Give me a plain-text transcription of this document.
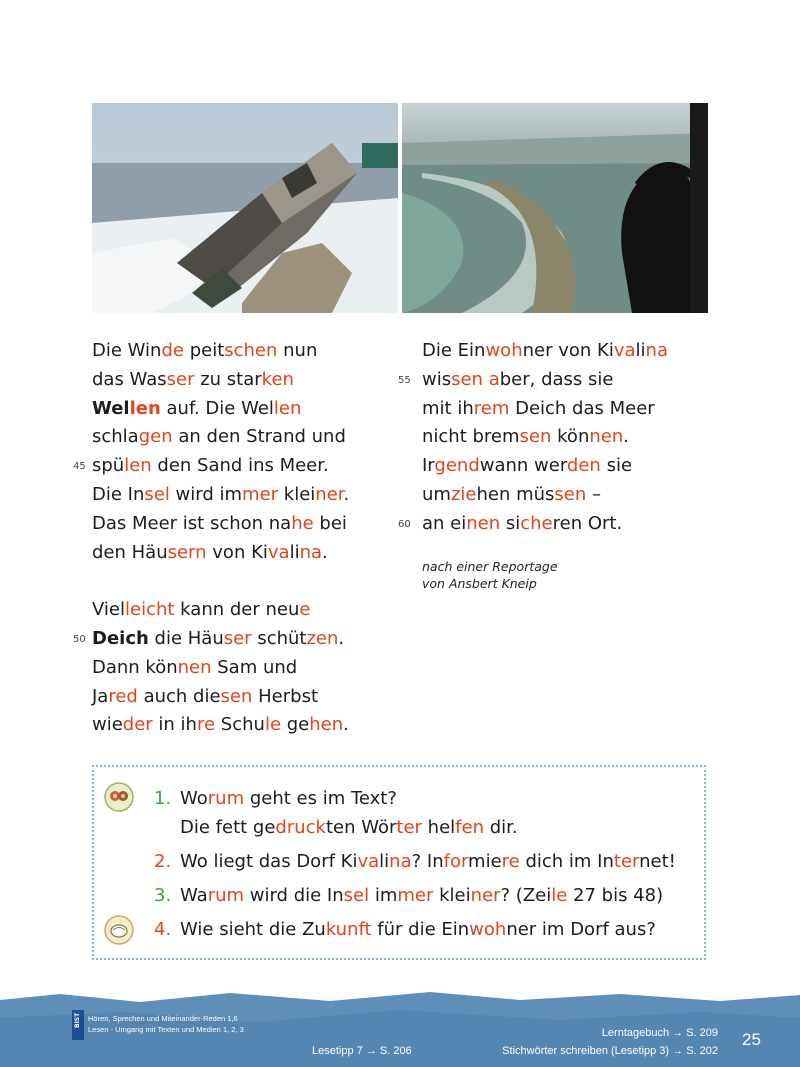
Die Winde peitschen nun
das Wasser zu starken
Wellen auf. Die Wellen
schlagen an den Strand und
spülen den Sand ins Meer.
Die Insel wird immer kleiner.
Das Meer ist schon nahe bei
den Häusern von Kivalina.
Vielleicht kann der neue
Deich die Häuser schützen.
Dann können Sam und
Jared auch diesen Herbst
wieder in ihre Schule gehen.
Die Einwohner von Kivalina
wissen aber, dass sie
mit ihrem Deich das Meer
nicht bremsen können.
Irgendwann werden sie
umziehen müssen –
an einen sicheren Ort.
45
50
55
60
nach einer Reportage
von Ansbert Kneip
1. Worum geht es im Text?
Die fett gedruckten Wörter helfen dir.
2. Wo liegt das Dorf Kivalina? Informiere dich im Internet!
3. Warum wird die Insel immer kleiner? (Zeile 27 bis 48)
4. Wie sieht die Zukunft für die Einwohner im Dorf aus?
BIST Hören, Sprechen und Miteinander-Reden 1,6
Lesen - Umgang mit Texten und Medien 1, 2, 3
Lesetipp 7 → S. 206
Lerntagebuch → S. 209
Stichwörter schreiben (Lesetipp 3) → S. 202
25
